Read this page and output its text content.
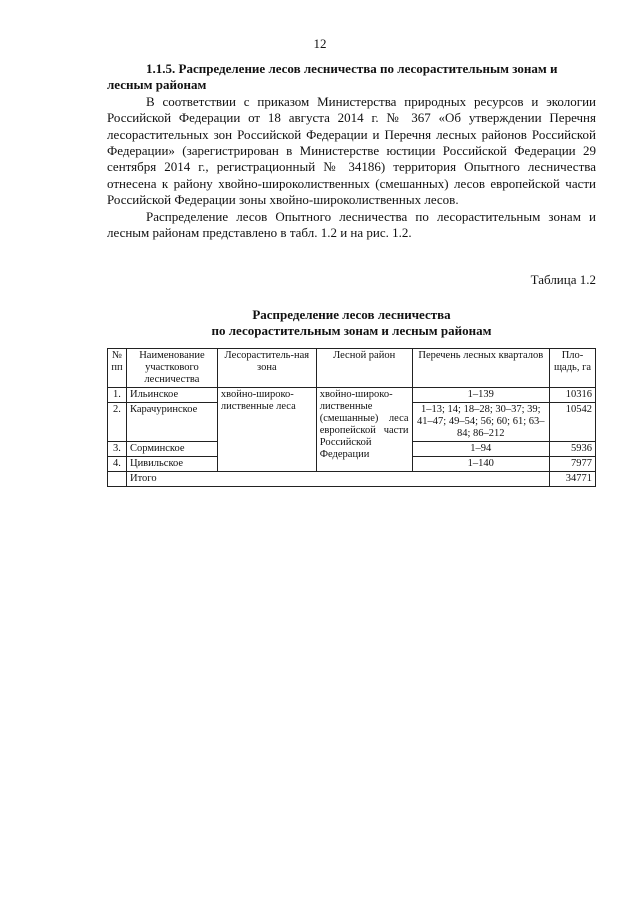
12

1.1.5. Распределение лесов лесничества по лесорастительным зонам и
лесным районам

В соответствии с приказом Министерства природных ресурсов и экологии Российской Федерации от 18 августа 2014 г. № 367 «Об утверждении Перечня лесорастительных зон Российской Федерации и Перечня лесных районов Российской Федерации» (зарегистрирован в Министерстве юстиции Российской Федерации 29 сентября 2014 г., регистрационный № 34186) территория Опытного лесничества отнесена к району хвойно-широколиственных (смешанных) лесов европейской части Российской Федерации зоны хвойно-широколиственных лесов.

Распределение лесов Опытного лесничества по лесорастительным зонам и лесным районам представлено в табл. 1.2 и на рис. 1.2.

Таблица 1.2
Распределение лесов лесничества
по лесорастительным зонам и лесным районам
№ пп	Наименование участкового лесничества	Лесораститель-ная зона	Лесной район	Перечень лесных кварталов	Пло-щадь, га
1.	Ильинское	хвойно-широко-лиственные леса	хвойно-широко-лиственные (смешанные) леса европейской части Российской Федерации	1–139	10316
2.	Карачуринское			1–13; 14; 18–28; 30–37; 39; 41–47; 49–54; 56; 60; 61; 63–84; 86–212	10542
3.	Сорминское			1–94	5936
4.	Цивильское			1–140	7977
	Итого				34771
